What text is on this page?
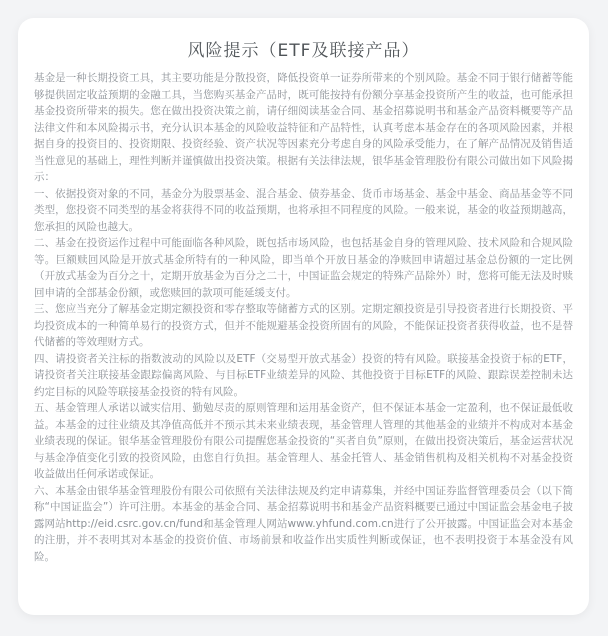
风险提示（ETF及联接产品）

基金是一种长期投资工具，其主要功能是分散投资，降低投资单一证券所带来的个别风险。基金不同于银行储蓄等能够提供固定收益预期的金融工具，当您购买基金产品时，既可能按持有份额分享基金投资所产生的收益，也可能承担基金投资所带来的损失。您在做出投资决策之前，请仔细阅读基金合同、基金招募说明书和基金产品资料概要等产品法律文件和本风险揭示书，充分认识本基金的风险收益特征和产品特性，认真考虑本基金存在的各项风险因素，并根据自身的投资目的、投资期限、投资经验、资产状况等因素充分考虑自身的风险承受能力，在了解产品情况及销售适当性意见的基础上，理性判断并谨慎做出投资决策。根据有关法律法规，银华基金管理股份有限公司做出如下风险揭示：

一、依据投资对象的不同，基金分为股票基金、混合基金、债券基金、货币市场基金、基金中基金、商品基金等不同类型，您投资不同类型的基金将获得不同的收益预期，也将承担不同程度的风险。一般来说，基金的收益预期越高，您承担的风险也越大。

二、基金在投资运作过程中可能面临各种风险，既包括市场风险，也包括基金自身的管理风险、技术风险和合规风险等。巨额赎回风险是开放式基金所特有的一种风险，即当单个开放日基金的净赎回申请超过基金总份额的一定比例（开放式基金为百分之十，定期开放基金为百分之二十，中国证监会规定的特殊产品除外）时，您将可能无法及时赎回申请的全部基金份额，或您赎回的款项可能延缓支付。

三、您应当充分了解基金定期定额投资和零存整取等储蓄方式的区别。定期定额投资是引导投资者进行长期投资、平均投资成本的一种简单易行的投资方式，但并不能规避基金投资所固有的风险，不能保证投资者获得收益，也不是替代储蓄的等效理财方式。

四、请投资者关注标的指数波动的风险以及ETF（交易型开放式基金）投资的特有风险。联接基金投资于标的ETF，请投资者关注联接基金跟踪偏离风险、与目标ETF业绩差异的风险、其他投资于目标ETF的风险、跟踪误差控制未达约定目标的风险等联接基金投资的特有风险。

五、基金管理人承诺以诚实信用、勤勉尽责的原则管理和运用基金资产，但不保证本基金一定盈利，也不保证最低收益。本基金的过往业绩及其净值高低并不预示其未来业绩表现，基金管理人管理的其他基金的业绩并不构成对本基金业绩表现的保证。银华基金管理股份有限公司提醒您基金投资的“买者自负”原则，在做出投资决策后，基金运营状况与基金净值变化引致的投资风险，由您自行负担。基金管理人、基金托管人、基金销售机构及相关机构不对基金投资收益做出任何承诺或保证。

六、本基金由银华基金管理股份有限公司依照有关法律法规及约定申请募集，并经中国证券监督管理委员会（以下简称“中国证监会”）许可注册。本基金的基金合同、基金招募说明书和基金产品资料概要已通过中国证监会基金电子披露网站http://eid.csrc.gov.cn/fund和基金管理人网站www.yhfund.com.cn进行了公开披露。中国证监会对本基金的注册，并不表明其对本基金的投资价值、市场前景和收益作出实质性判断或保证，也不表明投资于本基金没有风险。
